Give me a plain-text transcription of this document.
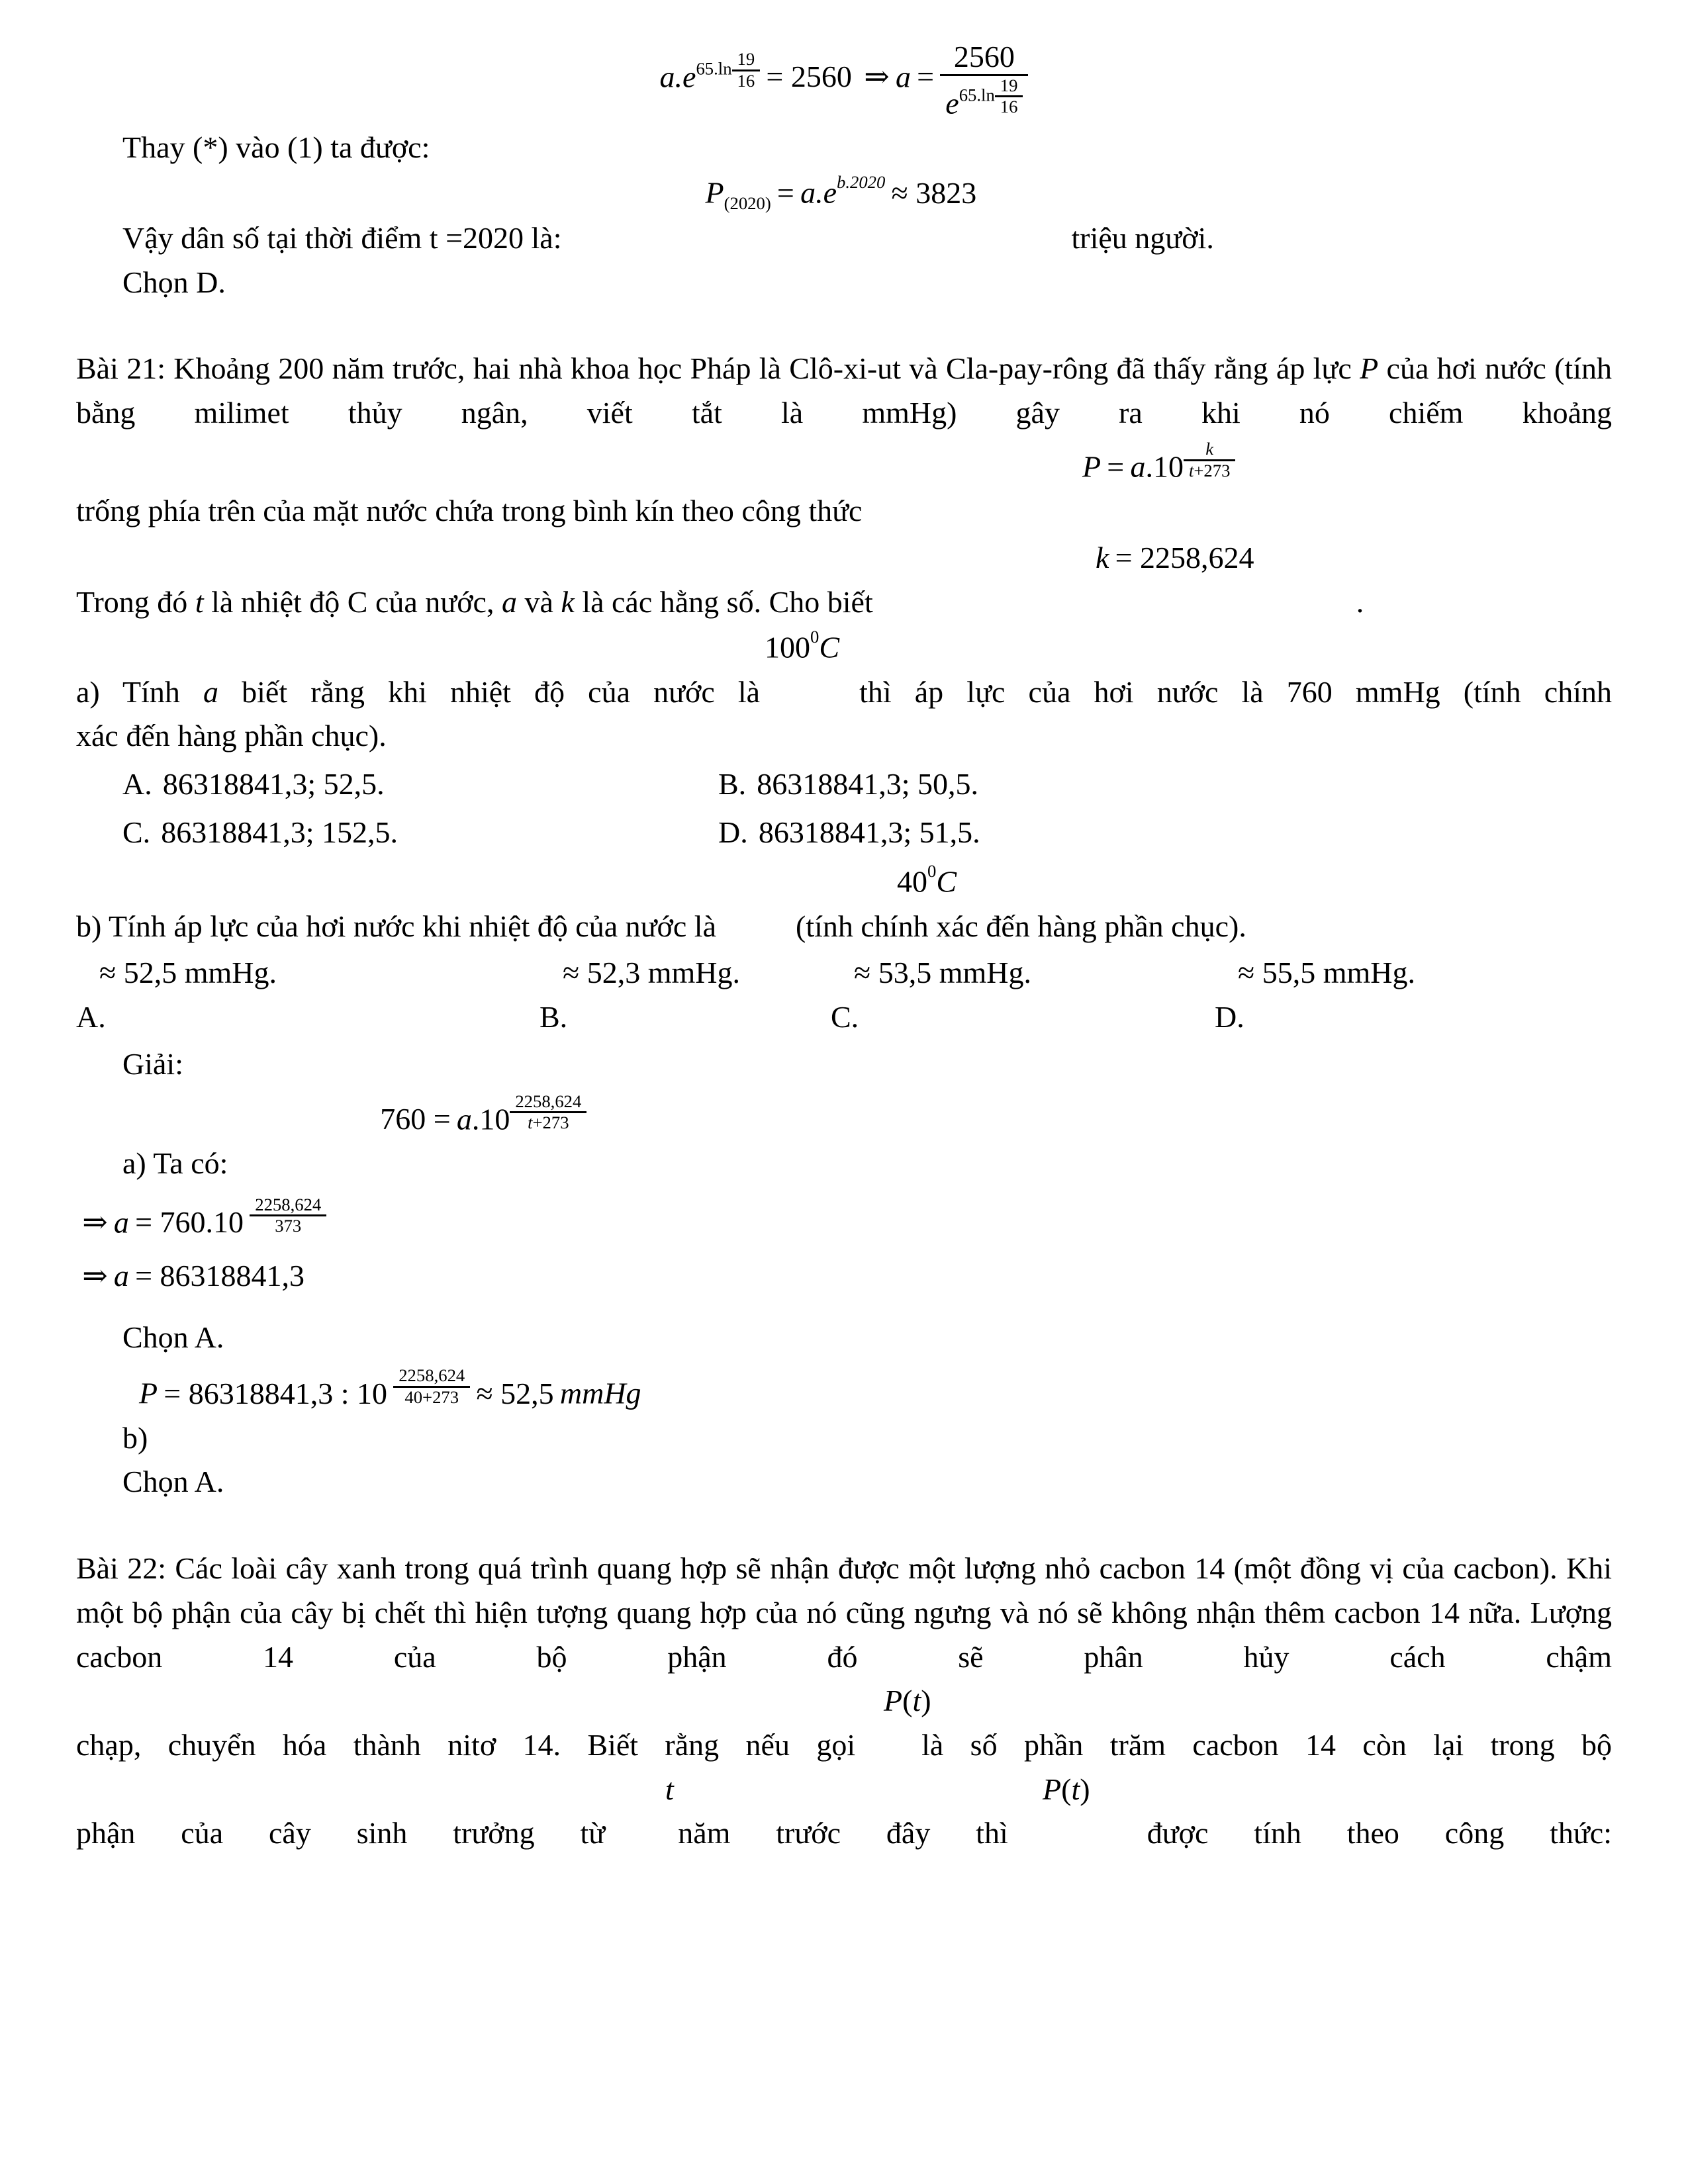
$a.e65.\ln \frac{19}{16} = 2560$ ⇒ $a = \frac{2560}{e65.\ln \frac{19}{16}}$

Thay (*) vào (1) ta được:

$P_{(2020)} = a.e^{b.2020} \approx 3823$

Vậy dân số tại thời điểm t =2020 là:	triệu người.

Chọn D.

Bài 21: Khoảng 200 năm trước, hai nhà khoa học Pháp là Clô-xi-ut và Cla-pay-rông đã thấy rằng áp lực P của hơi nước (tính bằng milimet thủy ngân, viết tắt là mmHg) gây ra khi nó chiếm khoảng

$P = a.10 \frac{k}{t+273}$

trống phía trên của mặt nước chứa trong bình kín theo công thức

k = 2258,624

Trong đó t là nhiệt độ C của nước, a và k là các hằng số. Cho biết	.

$100^0C$

a) Tính a biết rằng khi nhiệt độ của nước là	thì áp lực của hơi nước là 760 mmHg (tính chính

xác đến hàng phần chục).

A. 86318841,3; 52,5.	B. 86318841,3; 50,5.
C. 86318841,3; 152,5.	D. 86318841,3; 51,5.
$40^0C$

b) Tính áp lực của hơi nước khi nhiệt độ của nước là	(tính chính xác đến hàng phần chục).

≈ 52,5 mmHg.
A.
≈ 52,3 mmHg.
B.
≈ 53,5 mmHg.
C.
≈ 55,5 mmHg.
D.

Giải:

$760 = a.10 \frac{2258,624}{t+273}$

a) Ta có:

⇒ $a = 760.10 \frac{2258,624}{373}$
⇒ a = 86318841,3

Chọn A.

P = 86318841,3 : $10 \frac{2258,624}{40+273} \approx 52,5$ mmHg

b)

Chọn A.

Bài 22: Các loài cây xanh trong quá trình quang hợp sẽ nhận được một lượng nhỏ cacbon 14 (một đồng vị của cacbon). Khi một bộ phận của cây bị chết thì hiện tượng quang hợp của nó cũng ngưng và nó sẽ không nhận thêm cacbon 14 nữa. Lượng cacbon 14 của bộ phận đó sẽ phân hủy cách chậm

P(t)

chạp, chuyển hóa thành nitơ 14. Biết rằng nếu gọi là số phần trăm cacbon 14 còn lại trong bộ

t	P(t)

phận của cây sinh trưởng từ năm trước đây thì	được tính theo công thức:
